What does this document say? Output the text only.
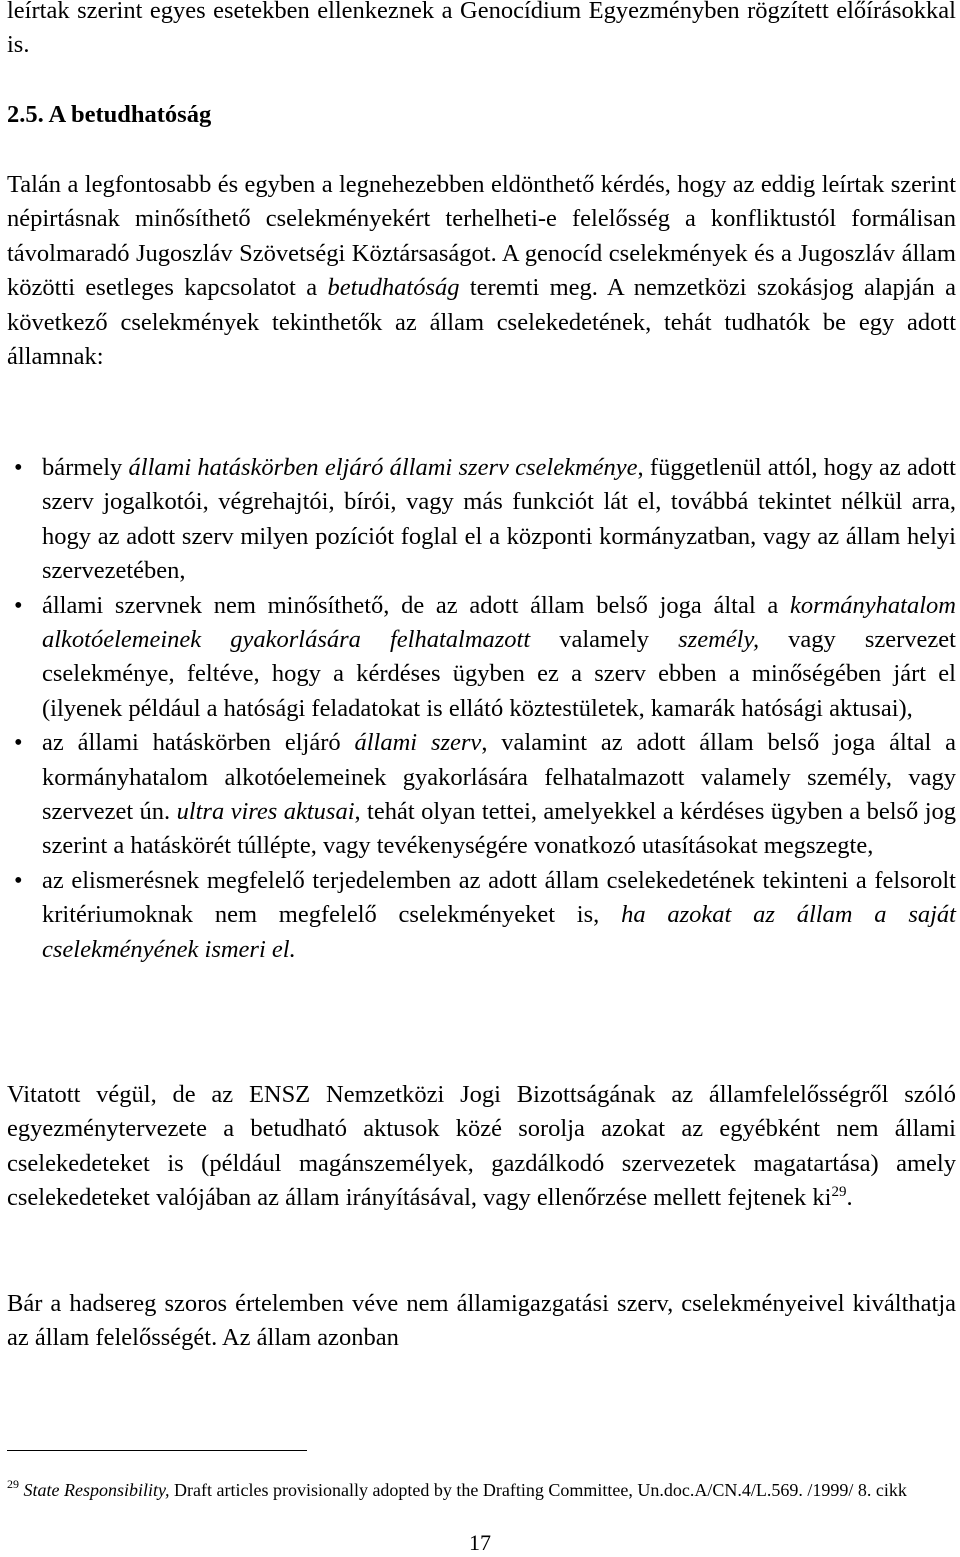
leírtak szerint egyes esetekben ellenkeznek a Genocídium Egyezményben rögzített előírásokkal is.
2.5. A betudhatóság
Talán a legfontosabb és egyben a legnehezebben eldönthető kérdés, hogy az eddig leírtak szerint népirtásnak minősíthető cselekményekért terhelheti-e felelősség a konfliktustól formálisan távolmaradó Jugoszláv Szövetségi Köztársaságot. A genocíd cselekmények és a Jugoszláv állam közötti esetleges kapcsolatot a betudhatóság teremti meg. A nemzetközi szokásjog alapján a következő cselekmények tekinthetők az állam cselekedetének, tehát tudhatók be egy adott államnak:
• bármely állami hatáskörben eljáró állami szerv cselekménye, függetlenül attól, hogy az adott szerv jogalkotói, végrehajtói, bírói, vagy más funkciót lát el, továbbá tekintet nélkül arra, hogy az adott szerv milyen pozíciót foglal el a központi kormányzatban, vagy az állam helyi szervezetében,
• állami szervnek nem minősíthető, de az adott állam belső joga által a kormányhatalom alkotóelemeinek gyakorlására felhatalmazott valamely személy, vagy szervezet cselekménye, feltéve, hogy a kérdéses ügyben ez a szerv ebben a minőségében járt el (ilyenek például a hatósági feladatokat is ellátó köztestületek, kamarák hatósági aktusai),
• az állami hatáskörben eljáró állami szerv, valamint az adott állam belső joga által a kormányhatalom alkotóelemeinek gyakorlására felhatalmazott valamely személy, vagy szervezet ún. ultra vires aktusai, tehát olyan tettei, amelyekkel a kérdéses ügyben a belső jog szerint a hatáskörét túllépte, vagy tevékenységére vonatkozó utasításokat megszegte,
• az elismerésnek megfelelő terjedelemben az adott állam cselekedetének tekinteni a felsorolt kritériumoknak nem megfelelő cselekményeket is, ha azokat az állam a saját cselekményének ismeri el.
Vitatott végül, de az ENSZ Nemzetközi Jogi Bizottságának az államfelelősségről szóló egyezménytervezete a betudható aktusok közé sorolja azokat az egyébként nem állami cselekedeteket is (például magánszemélyek, gazdálkodó szervezetek magatartása) amely cselekedeteket valójában az állam irányításával, vagy ellenőrzése mellett fejtenek $ki^{29}$.
Bár a hadsereg szoros értelemben véve nem államigazgatási szerv, cselekményeivel kiválthatja az állam felelősségét. Az állam azonban
$^{29}$ State Responsibility, Draft articles provisionally adopted by the Drafting Committee, Un.doc.A/CN.4/L.569. /1999/ 8. cikk
17
